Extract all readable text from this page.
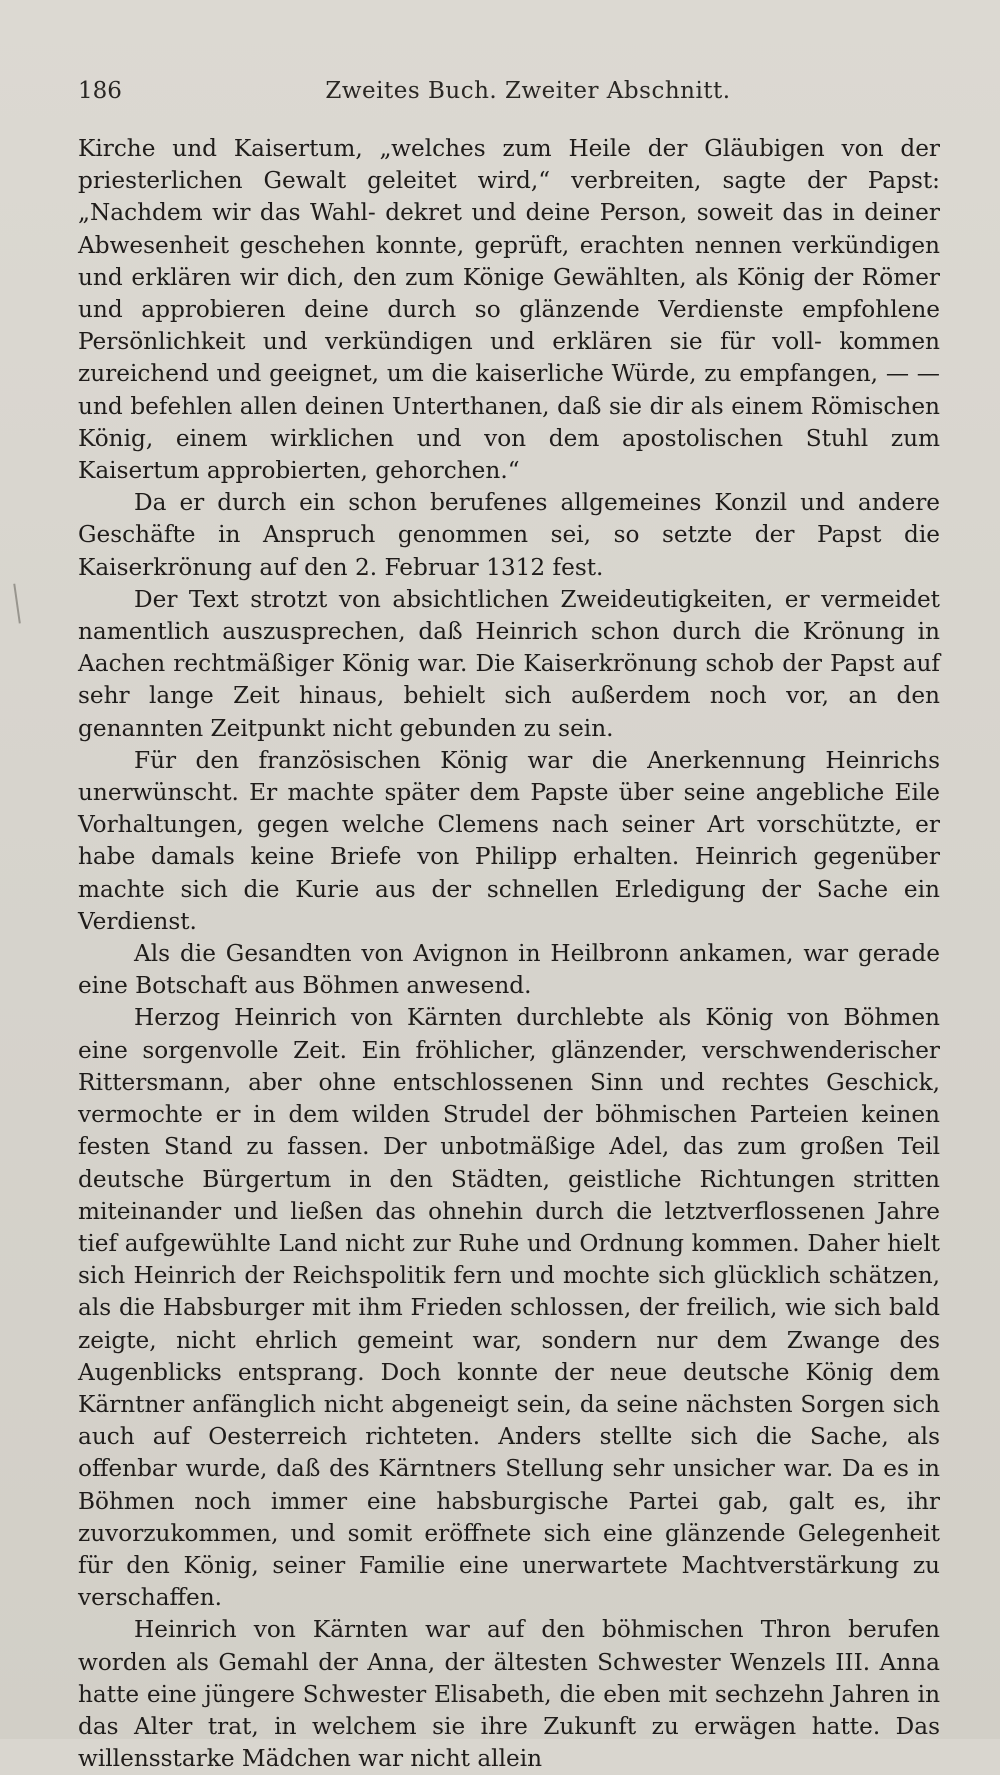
186	Zweites Buch. Zweiter Abschnitt.

Kirche und Kaisertum, „welches zum Heile der Gläubigen von der priesterlichen Gewalt geleitet wird,“ verbreiten, sagte der Papst: „Nachdem wir das Wahl- dekret und deine Person, soweit das in deiner Abwesenheit geschehen konnte, geprüft, erachten nennen verkündigen und erklären wir dich, den zum Könige Gewählten, als König der Römer und approbieren deine durch so glänzende Verdienste empfohlene Persönlichkeit und verkündigen und erklären sie für voll- kommen zureichend und geeignet, um die kaiserliche Würde, zu empfangen, — — und befehlen allen deinen Unterthanen, daß sie dir als einem Römischen König, einem wirklichen und von dem apostolischen Stuhl zum Kaisertum approbierten, gehorchen.“

Da er durch ein schon berufenes allgemeines Konzil und andere Geschäfte in Anspruch genommen sei, so setzte der Papst die Kaiserkrönung auf den 2. Februar 1312 fest.

Der Text strotzt von absichtlichen Zweideutigkeiten, er vermeidet namentlich auszusprechen, daß Heinrich schon durch die Krönung in Aachen rechtmäßiger König war. Die Kaiserkrönung schob der Papst auf sehr lange Zeit hinaus, behielt sich außerdem noch vor, an den genannten Zeitpunkt nicht gebunden zu sein.

Für den französischen König war die Anerkennung Heinrichs unerwünscht. Er machte später dem Papste über seine angebliche Eile Vorhaltungen, gegen welche Clemens nach seiner Art vorschützte, er habe damals keine Briefe von Philipp erhalten. Heinrich gegenüber machte sich die Kurie aus der schnellen Erledigung der Sache ein Verdienst.

Als die Gesandten von Avignon in Heilbronn ankamen, war gerade eine Botschaft aus Böhmen anwesend.

Herzog Heinrich von Kärnten durchlebte als König von Böhmen eine sorgenvolle Zeit. Ein fröhlicher, glänzender, verschwenderischer Rittersmann, aber ohne entschlossenen Sinn und rechtes Geschick, vermochte er in dem wilden Strudel der böhmischen Parteien keinen festen Stand zu fassen. Der unbotmäßige Adel, das zum großen Teil deutsche Bürgertum in den Städten, geistliche Richtungen stritten miteinander und ließen das ohnehin durch die letztverflossenen Jahre tief aufgewühlte Land nicht zur Ruhe und Ordnung kommen. Daher hielt sich Heinrich der Reichspolitik fern und mochte sich glücklich schätzen, als die Habsburger mit ihm Frieden schlossen, der freilich, wie sich bald zeigte, nicht ehrlich gemeint war, sondern nur dem Zwange des Augenblicks entsprang. Doch konnte der neue deutsche König dem Kärntner anfänglich nicht abgeneigt sein, da seine nächsten Sorgen sich auch auf Oesterreich richteten. Anders stellte sich die Sache, als offenbar wurde, daß des Kärntners Stellung sehr unsicher war. Da es in Böhmen noch immer eine habsburgische Partei gab, galt es, ihr zuvorzukommen, und somit eröffnete sich eine glänzende Gelegenheit für den König, seiner Familie eine unerwartete Machtverstärkung zu verschaffen.

Heinrich von Kärnten war auf den böhmischen Thron berufen worden als Gemahl der Anna, der ältesten Schwester Wenzels III. Anna hatte eine jüngere Schwester Elisabeth, die eben mit sechzehn Jahren in das Alter trat, in welchem sie ihre Zukunft zu erwägen hatte. Das willensstarke Mädchen war nicht allein
